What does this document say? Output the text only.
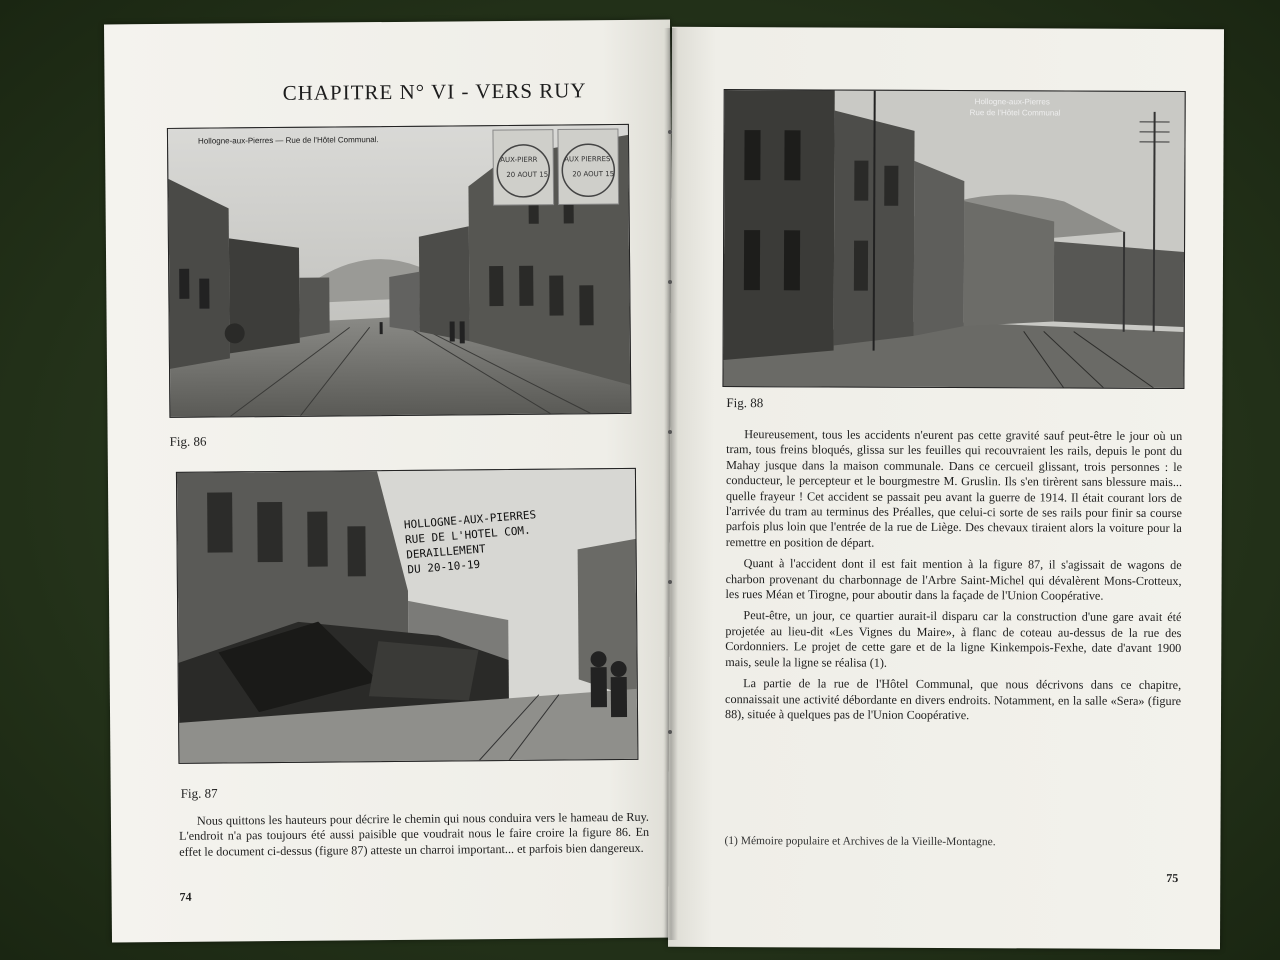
CHAPITRE N° VI - VERS RUY
Hollogne-aux-Pierres — Rue de l'Hôtel Communal.
AUX-PIERR
20 AOUT 15
AUX PIERRES
20 AOUT 15
Fig. 86
HOLLOGNE-AUX-PIERRES
RUE DE L'HOTEL COM.
DERAILLEMENT
DU 20-10-19
Fig. 87

Nous quittons les hauteurs pour décrire le chemin qui nous conduira vers le hameau de Ruy. L'endroit n'a pas toujours été aussi paisible que voudrait nous le faire croire la figure 86. En effet le document ci-dessus (figure 87) atteste un charroi important... et parfois bien dangereux.

74
Hollogne-aux-Pierres
Rue de l'Hôtel Communal
Fig. 88

Heureusement, tous les accidents n'eurent pas cette gravité sauf peut-être le jour où un tram, tous freins bloqués, glissa sur les feuilles qui recouvraient les rails, depuis le pont du Mahay jusque dans la maison communale. Dans ce cercueil glissant, trois personnes : le conducteur, le percepteur et le bourgmestre M. Gruslin. Ils s'en tirèrent sans blessure mais... quelle frayeur ! Cet accident se passait peu avant la guerre de 1914. Il était courant lors de l'arrivée du tram au terminus des Préalles, que celui-ci sorte de ses rails pour finir sa course parfois plus loin que l'entrée de la rue de Liège. Des chevaux tiraient alors la voiture pour la remettre en position de départ.

Quant à l'accident dont il est fait mention à la figure 87, il s'agissait de wagons de charbon provenant du charbonnage de l'Arbre Saint-Michel qui dévalèrent Mons-Crotteux, les rues Méan et Tirogne, pour aboutir dans la façade de l'Union Coopérative.

Peut-être, un jour, ce quartier aurait-il disparu car la construction d'une gare avait été projetée au lieu-dit «Les Vignes du Maire», à flanc de coteau au-dessus de la rue des Cordonniers. Le projet de cette gare et de la ligne Kinkempois-Fexhe, date d'avant 1900 mais, seule la ligne se réalisa (1).

La partie de la rue de l'Hôtel Communal, que nous décrivons dans ce chapitre, connaissait une activité débordante en divers endroits. Notamment, en la salle «Sera» (figure 88), située à quelques pas de l'Union Coopérative.

(1) Mémoire populaire et Archives de la Vieille-Montagne.
75
